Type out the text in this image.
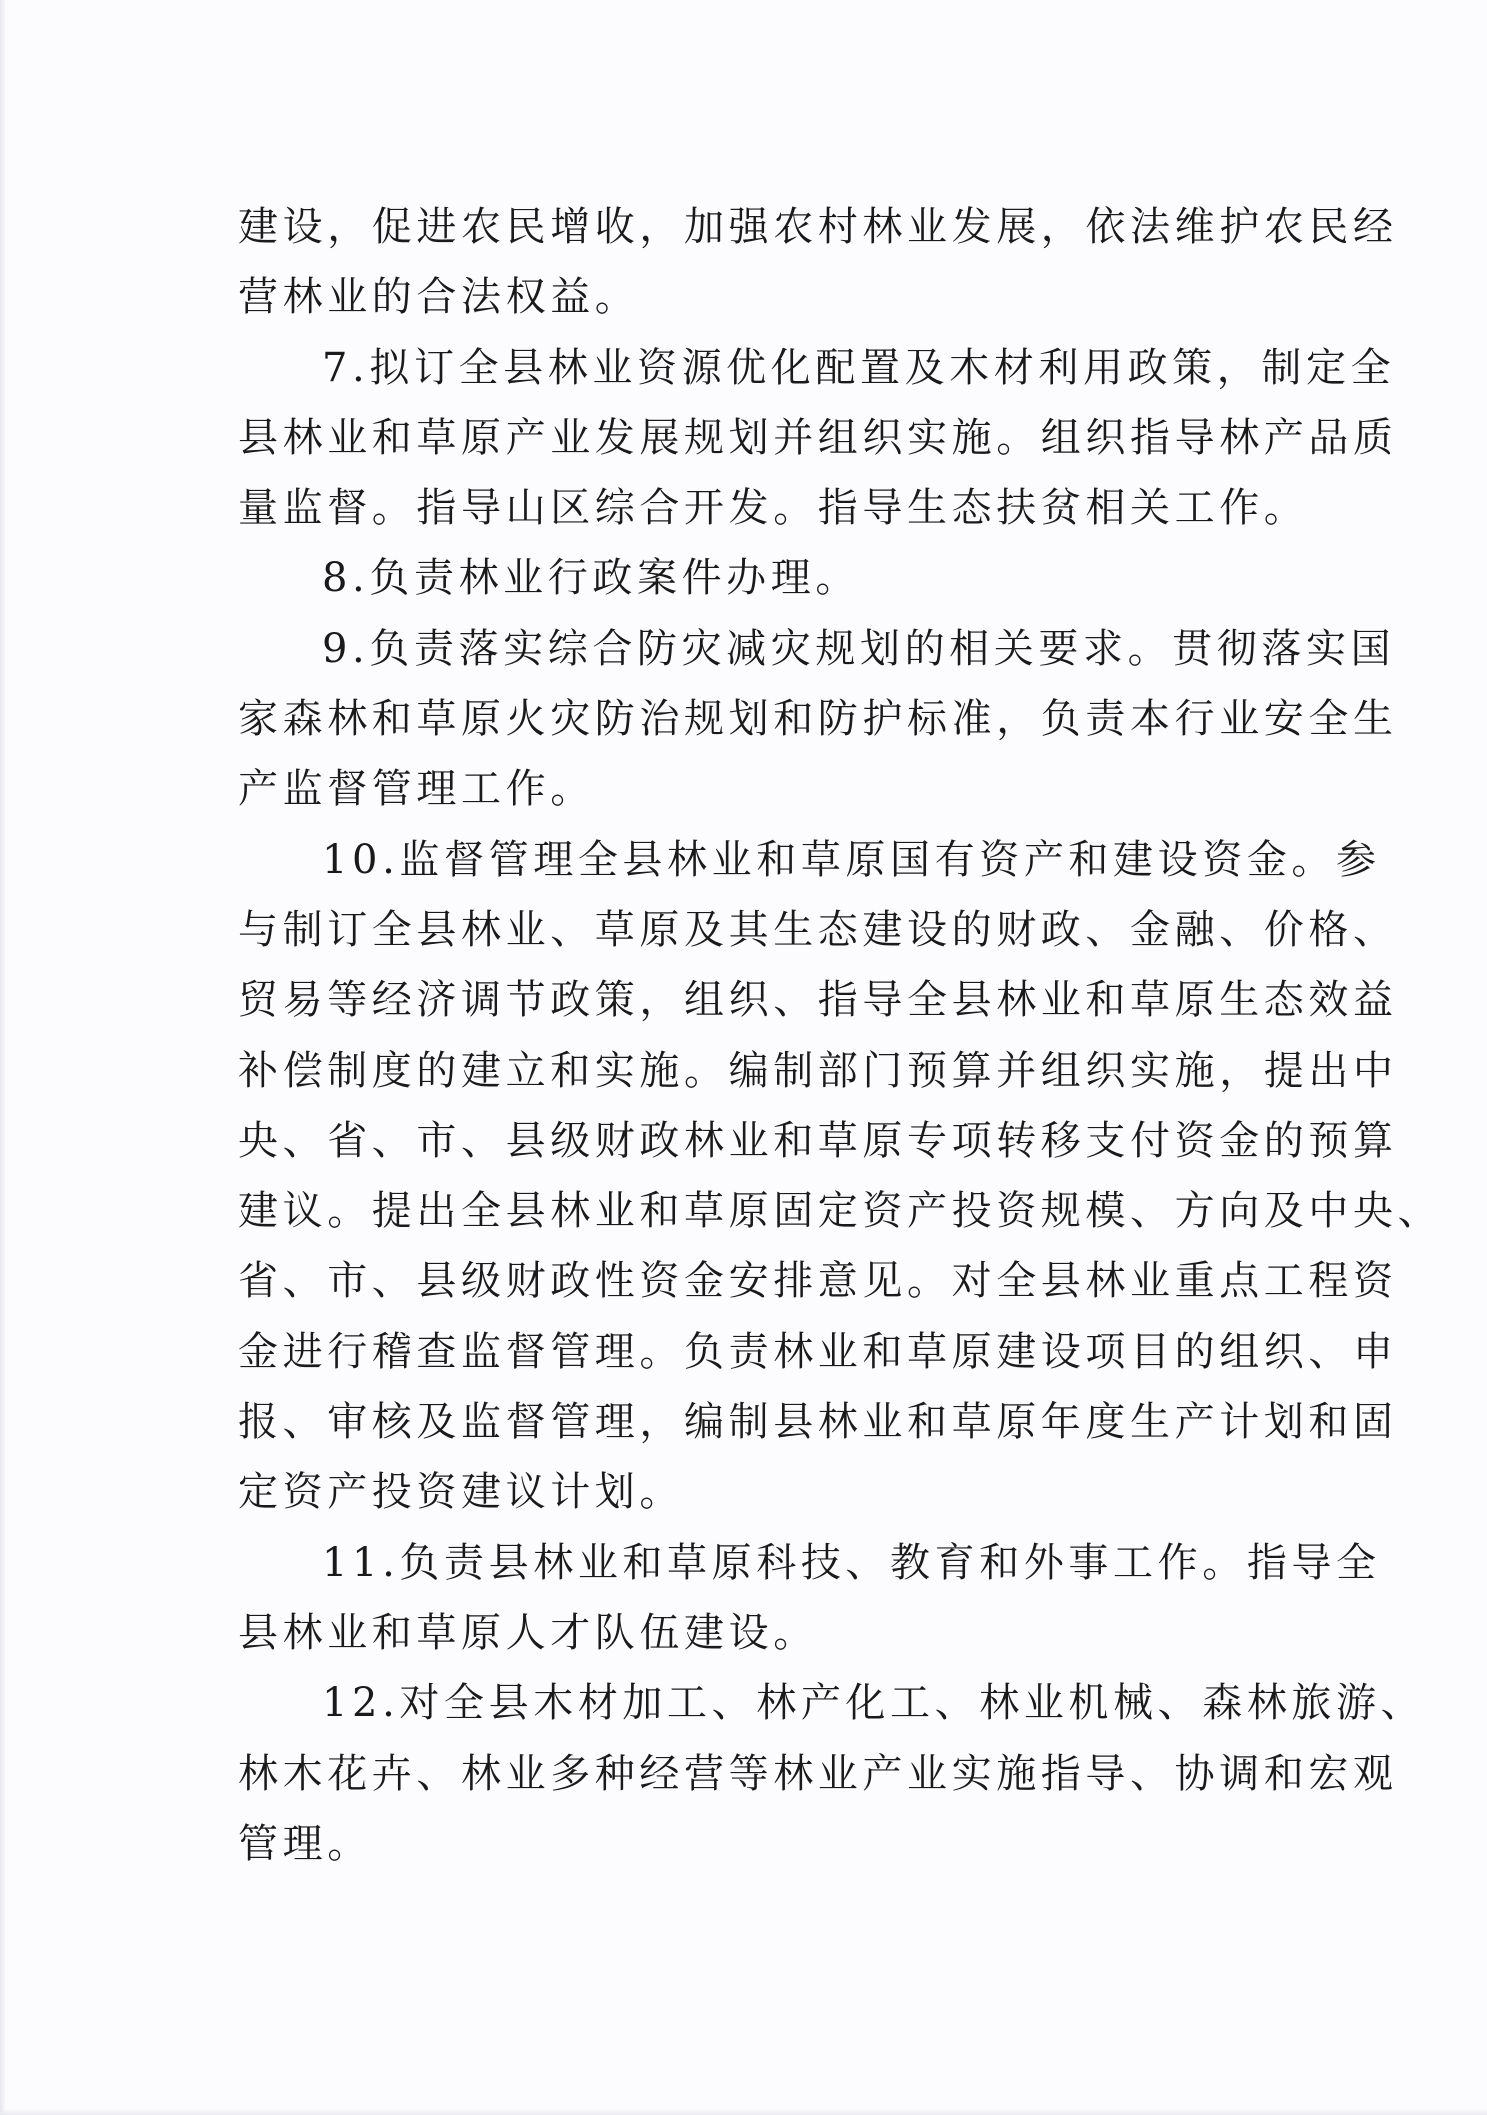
建设，促进农民增收，加强农村林业发展，依法维护农民经
营林业的合法权益。
7.拟订全县林业资源优化配置及木材利用政策，制定全
县林业和草原产业发展规划并组织实施。组织指导林产品质
量监督。指导山区综合开发。指导生态扶贫相关工作。
8.负责林业行政案件办理。
9.负责落实综合防灾减灾规划的相关要求。贯彻落实国
家森林和草原火灾防治规划和防护标准，负责本行业安全生
产监督管理工作。
10.监督管理全县林业和草原国有资产和建设资金。参
与制订全县林业、草原及其生态建设的财政、金融、价格、
贸易等经济调节政策，组织、指导全县林业和草原生态效益
补偿制度的建立和实施。编制部门预算并组织实施，提出中
央、省、市、县级财政林业和草原专项转移支付资金的预算
建议。提出全县林业和草原固定资产投资规模、方向及中央、
省、市、县级财政性资金安排意见。对全县林业重点工程资
金进行稽查监督管理。负责林业和草原建设项目的组织、申
报、审核及监督管理，编制县林业和草原年度生产计划和固
定资产投资建议计划。
11.负责县林业和草原科技、教育和外事工作。指导全
县林业和草原人才队伍建设。
12.对全县木材加工、林产化工、林业机械、森林旅游、
林木花卉、林业多种经营等林业产业实施指导、协调和宏观
管理。
